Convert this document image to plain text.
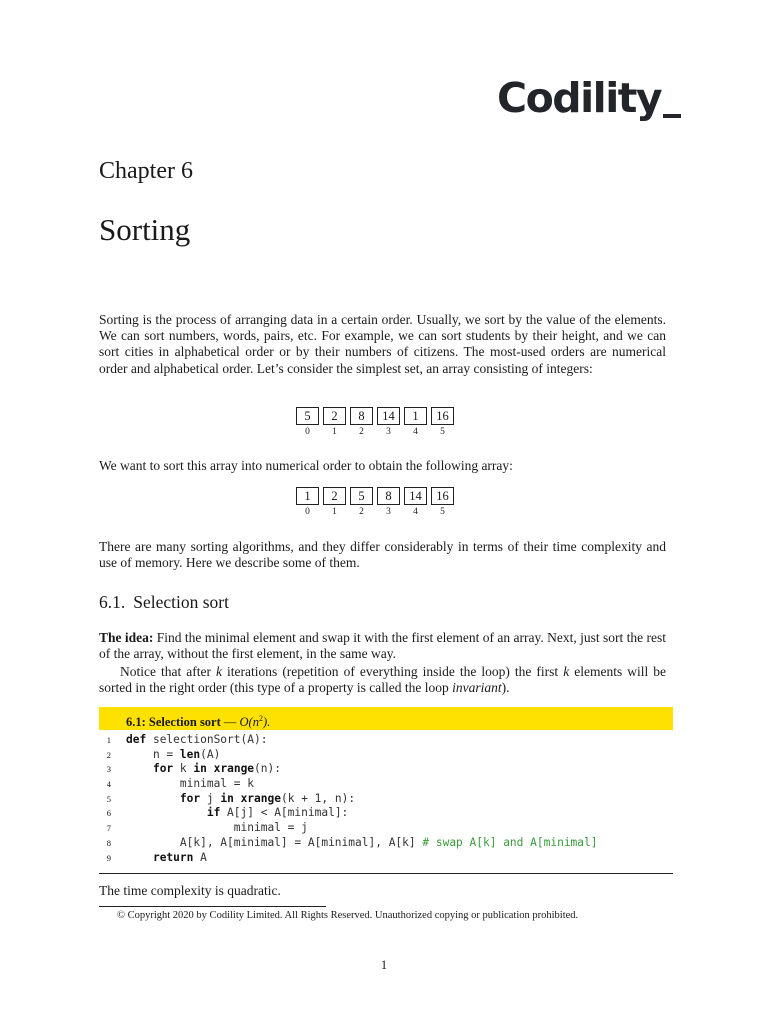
Codility
Chapter 6
Sorting

Sorting is the process of arranging data in a certain order. Usually, we sort by the value of the elements. We can sort numbers, words, pairs, etc. For example, we can sort students by their height, and we can sort cities in alphabetical order or by their numbers of citizens. The most-used orders are numerical order and alphabetical order. Let’s consider the simplest set, an array consisting of integers:

5	2	8	14	1	16
0	1	2	3	4	5

We want to sort this array into numerical order to obtain the following array:

1	2	5	8	14	16
0	1	2	3	4	5

There are many sorting algorithms, and they differ considerably in terms of their time complexity and use of memory. Here we describe some of them.

6.1. Selection sort

The idea: Find the minimal element and swap it with the first element of an array. Next, just sort the rest of the array, without the first element, in the same way.

Notice that after k iterations (repetition of everything inside the loop) the first k elements will be sorted in the right order (this type of a property is called the loop invariant).

6.1: Selection sort — $O(n^2)$.
1 def selectionSort(A):
2	n = len(A)
3	for k in xrange(n):
4	minimal = k
5	for j in xrange(k + 1, n):
6	if A[j] < A[minimal]:
7	minimal = j
8	A[k], A[minimal] = A[minimal], A[k] # swap A[k] and A[minimal]
9	return A

The time complexity is quadratic.

© Copyright 2020 by Codility Limited. All Rights Reserved. Unauthorized copying or publication prohibited.

1
